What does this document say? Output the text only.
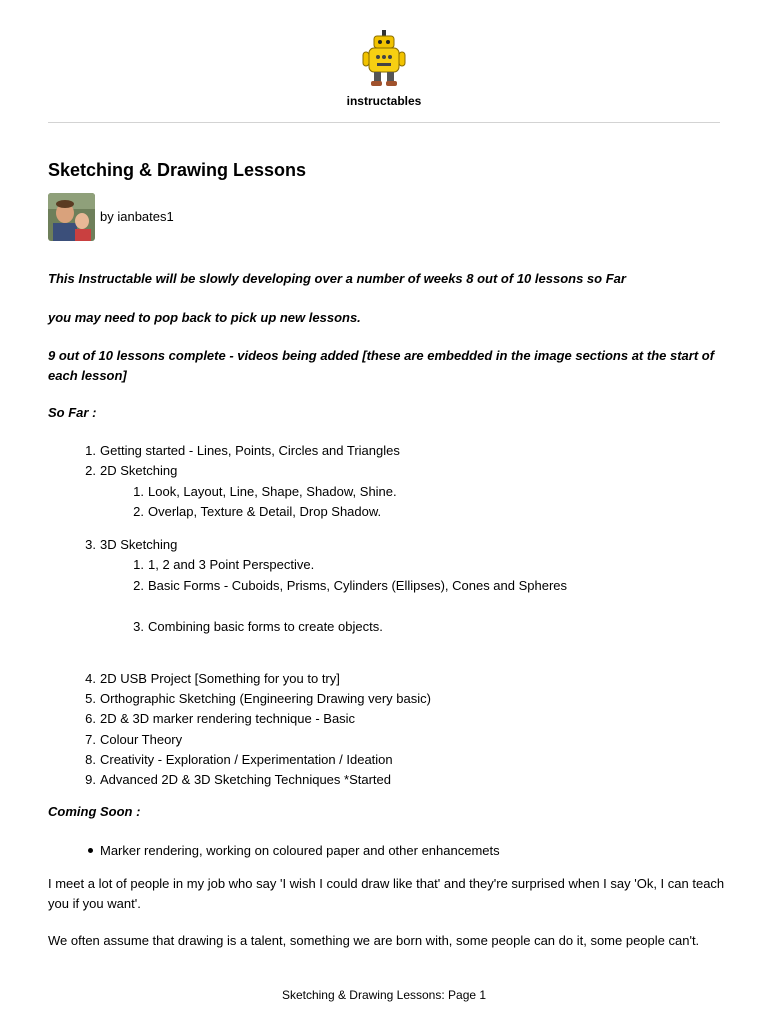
instructables
Sketching & Drawing Lessons
by ianbates1

This Instructable will be slowly developing over a number of weeks 8 out of 10 lessons so Far

you may need to pop back to pick up new lessons.

9 out of 10 lessons complete - videos being added [these are embedded in the image sections at the start of each lesson]

So Far :

1. Getting started - Lines, Points, Circles and Triangles
2. 2D Sketching
1. Look, Layout, Line, Shape, Shadow, Shine.
2. Overlap, Texture & Detail, Drop Shadow.
3. 3D Sketching
1. 1, 2 and 3 Point Perspective.
2. Basic Forms - Cuboids, Prisms, Cylinders (Ellipses), Cones and Spheres
3. Combining basic forms to create objects.
4. 2D USB Project [Something for you to try]
5. Orthographic Sketching (Engineering Drawing very basic)
6. 2D & 3D marker rendering technique - Basic
7. Colour Theory
8. Creativity - Exploration / Experimentation / Ideation
9. Advanced 2D & 3D Sketching Techniques *Started

Coming Soon :

Marker rendering, working on coloured paper and other enhancemets

I meet a lot of people in my job who say 'I wish I could draw like that' and they're surprised when I say 'Ok, I can teach you if you want'.

We often assume that drawing is a talent, something we are born with, some people can do it, some people can't.

Sketching & Drawing Lessons: Page 1
